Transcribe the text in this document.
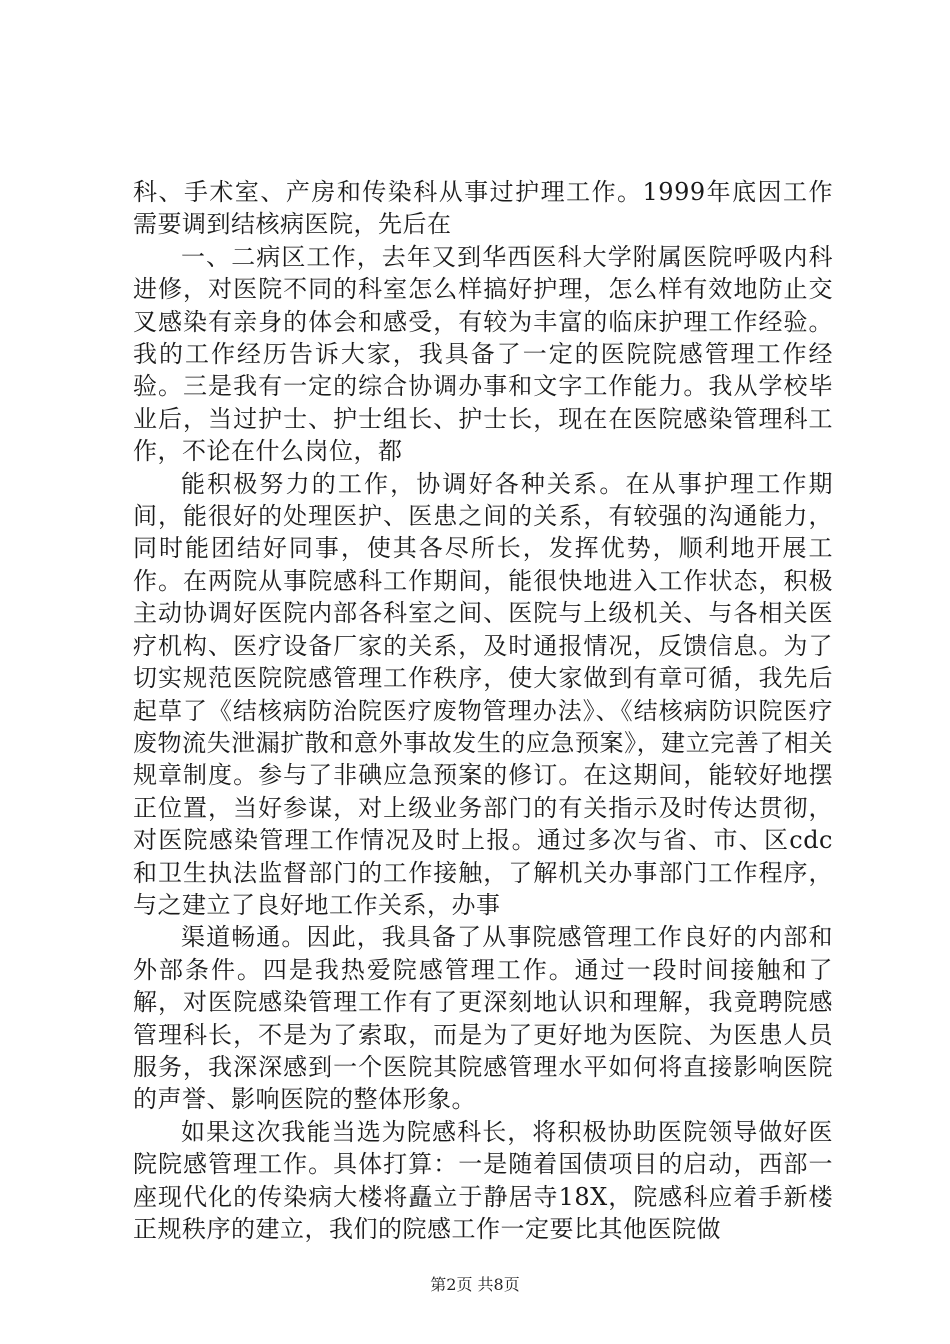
科、手术室、产房和传染科从事过护理工作。1999年底因工作需要调到结核病医院，先后在

一、二病区工作，去年又到华西医科大学附属医院呼吸内科进修，对医院不同的科室怎么样搞好护理，怎么样有效地防止交叉感染有亲身的体会和感受，有较为丰富的临床护理工作经验。我的工作经历告诉大家，我具备了一定的医院院感管理工作经验。三是我有一定的综合协调办事和文字工作能力。我从学校毕业后，当过护士、护士组长、护士长，现在在医院感染管理科工作，不论在什么岗位，都

能积极努力的工作，协调好各种关系。在从事护理工作期间，能很好的处理医护、医患之间的关系，有较强的沟通能力，同时能团结好同事，使其各尽所长，发挥优势，顺利地开展工作。在两院从事院感科工作期间，能很快地进入工作状态，积极主动协调好医院内部各科室之间、医院与上级机关、与各相关医疗机构、医疗设备厂家的关系，及时通报情况，反馈信息。为了切实规范医院院感管理工作秩序，使大家做到有章可循，我先后起草了《结核病防治院医疗废物管理办法》、《结核病防识院医疗废物流失泄漏扩散和意外事故发生的应急预案》，建立完善了相关规章制度。参与了非碘应急预案的修订。在这期间，能较好地摆正位置，当好参谋，对上级业务部门的有关指示及时传达贯彻，对医院感染管理工作情况及时上报。通过多次与省、市、区cdc和卫生执法监督部门的工作接触，了解机关办事部门工作程序，与之建立了良好地工作关系，办事

渠道畅通。因此，我具备了从事院感管理工作良好的内部和外部条件。四是我热爱院感管理工作。通过一段时间接触和了解，对医院感染管理工作有了更深刻地认识和理解，我竟聘院感管理科长，不是为了索取，而是为了更好地为医院、为医患人员服务，我深深感到一个医院其院感管理水平如何将直接影响医院的声誉、影响医院的整体形象。

如果这次我能当选为院感科长，将积极协助医院领导做好医院院感管理工作。具体打算：一是随着国债项目的启动，西部一座现代化的传染病大楼将矗立于静居寺18X，院感科应着手新楼正规秩序的建立，我们的院感工作一定要比其他医院做

第2页 共8页
